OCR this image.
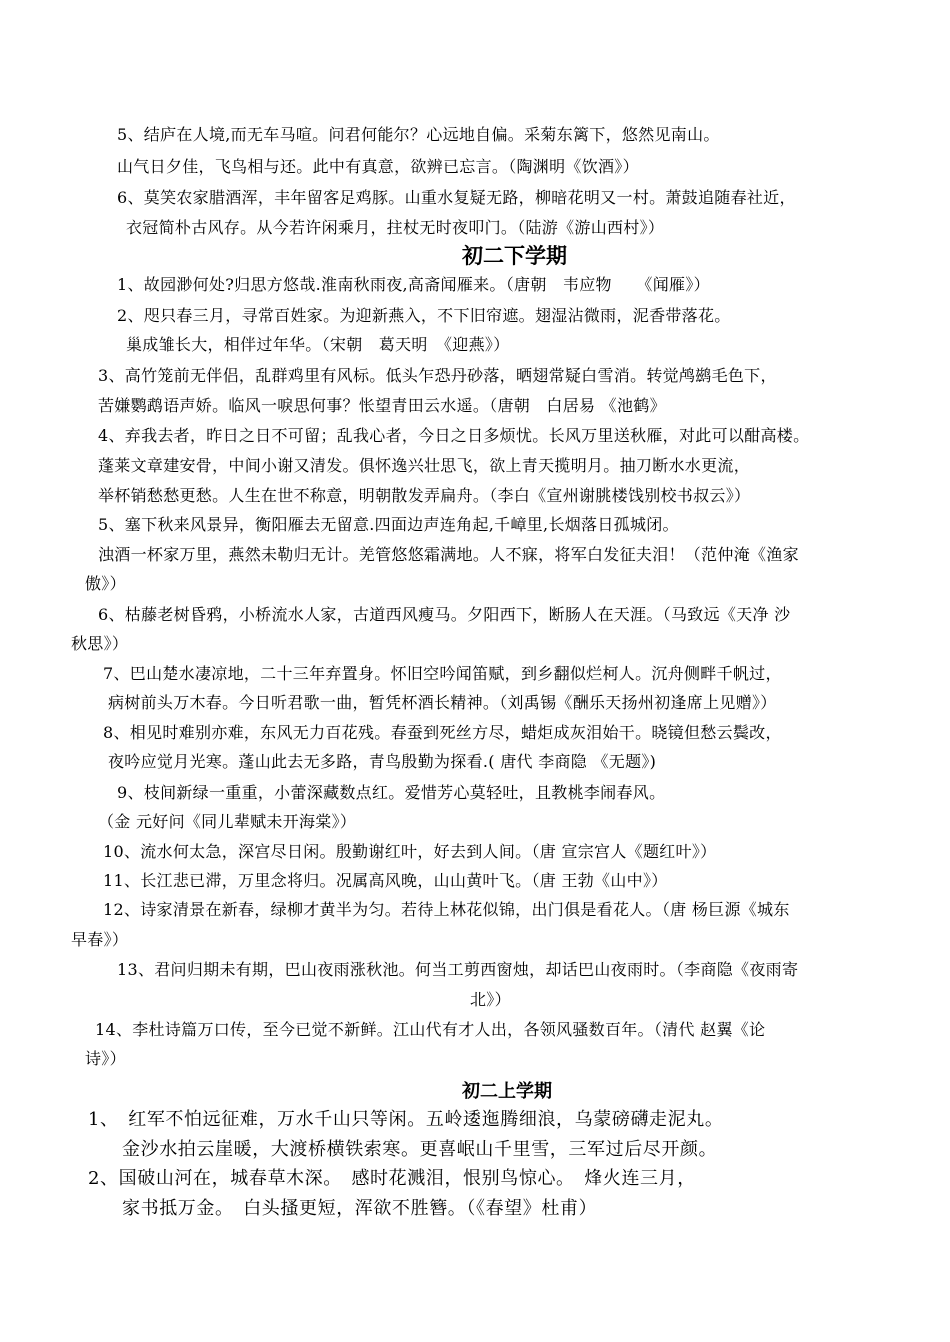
5、结庐在人境,而无车马喧。问君何能尔？心远地自偏。采菊东篱下，悠然见南山。
山气日夕佳，飞鸟相与还。此中有真意，欲辨已忘言。（陶渊明《饮酒》）
6、莫笑农家腊酒浑，丰年留客足鸡豚。山重水复疑无路，柳暗花明又一村。萧鼓追随春社近，
衣冠简朴古风存。从今若许闲乘月，拄杖无时夜叩门。（陆游《游山西村》）
初二下学期
1、故园渺何处?归思方悠哉.淮南秋雨夜,高斋闻雁来。（唐朝　韦应物　　《闻雁》）
2、咫只春三月，寻常百姓家。为迎新燕入，不下旧帘遮。翅湿沾微雨，泥香带落花。
巢成雏长大，相伴过年华。（宋朝　葛天明　《迎燕》）
3、高竹笼前无伴侣，乱群鸡里有风标。低头乍恐丹砂落，晒翅常疑白雪消。转觉鸬鹚毛色下，
苦嫌鹦鹉语声娇。临风一唳思何事？怅望青田云水遥。（唐朝　白居易 《池鹤》
4、弃我去者，昨日之日不可留；乱我心者，今日之日多烦忧。长风万里送秋雁，对此可以酣高楼。
蓬莱文章建安骨，中间小谢又清发。俱怀逸兴壮思飞，欲上青天揽明月。抽刀断水水更流，
举杯销愁愁更愁。人生在世不称意，明朝散发弄扁舟。（李白《宣州谢朓楼饯别校书叔云》）
5、塞下秋来风景异，衡阳雁去无留意.四面边声连角起,千嶂里,长烟落日孤城闭。
浊酒一杯家万里，燕然未勒归无计。羌管悠悠霜满地。人不寐，将军白发征夫泪！（范仲淹《渔家
傲》）
6、枯藤老树昏鸦，小桥流水人家，古道西风瘦马。夕阳西下，断肠人在天涯。（马致远《天净 沙
秋思》）
7、巴山楚水凄凉地，二十三年弃置身。怀旧空吟闻笛赋，到乡翻似烂柯人。沉舟侧畔千帆过，
病树前头万木春。今日听君歌一曲，暂凭杯酒长精神。（刘禹锡《酬乐天扬州初逢席上见赠》）
8、相见时难别亦难，东风无力百花残。春蚕到死丝方尽，蜡炬成灰泪始干。晓镜但愁云鬓改，
夜吟应觉月光寒。蓬山此去无多路，青鸟殷勤为探看.( 唐代 李商隐 《无题》)
9、枝间新绿一重重，小蕾深藏数点红。爱惜芳心莫轻吐，且教桃李闹春风。
（金 元好问《同儿辈赋未开海棠》）
10、流水何太急，深宫尽日闲。殷勤谢红叶，好去到人间。（唐 宣宗宫人《题红叶》）
11、长江悲已滞，万里念将归。况属高风晚，山山黄叶飞。（唐 王勃《山中》）
12、诗家清景在新春，绿柳才黄半为匀。若待上林花似锦，出门俱是看花人。（唐 杨巨源《城东
早春》）
13、君问归期未有期，巴山夜雨涨秋池。何当工剪西窗烛，却话巴山夜雨时。（李商隐《夜雨寄
北》）
14、李杜诗篇万口传，至今已觉不新鲜。江山代有才人出，各领风骚数百年。（清代 赵翼《论
诗》）
初二上学期
1、　红军不怕远征难，万水千山只等闲。五岭逶迤腾细浪，乌蒙磅礴走泥丸。
金沙水拍云崖暖，大渡桥横铁索寒。更喜岷山千里雪，三军过后尽开颜。
2、国破山河在，城春草木深。　感时花溅泪，恨别鸟惊心。　烽火连三月，
家书抵万金。　白头搔更短，浑欲不胜簪。（《春望》杜甫）
